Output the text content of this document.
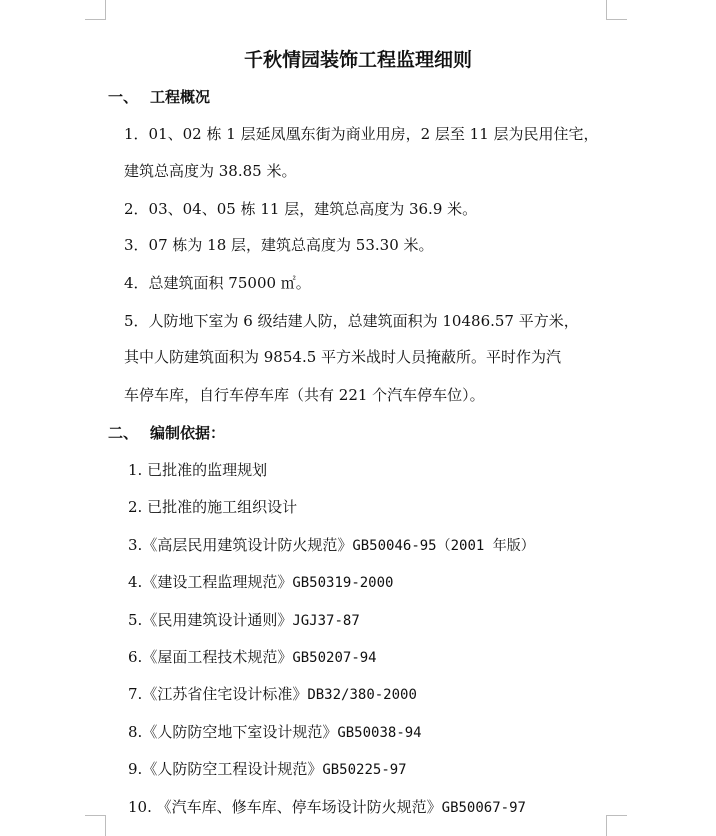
千秋情园装饰工程监理细则
一、 工程概况
1．01、02 栋 1 层延凤凰东街为商业用房，2 层至 11 层为民用住宅，
建筑总高度为 38.85 米。
2．03、04、05 栋 11 层，建筑总高度为 36.9 米。
3．07 栋为 18 层，建筑总高度为 53.30 米。
4．总建筑面积 75000 ㎡。
5．人防地下室为 6 级结建人防，总建筑面积为 10486.57 平方米，
其中人防建筑面积为 9854.5 平方米战时人员掩蔽所。平时作为汽
车停车库，自行车停车库（共有 221 个汽车停车位）。
二、 编制依据：
1. 已批准的监理规划
2. 已批准的施工组织设计
3.《高层民用建筑设计防火规范》GB50046-95（2001 年版）
4.《建设工程监理规范》GB50319-2000
5.《民用建筑设计通则》JGJ37-87
6.《屋面工程技术规范》GB50207-94
7.《江苏省住宅设计标准》DB32/380-2000
8.《人防防空地下室设计规范》GB50038-94
9.《人防防空工程设计规范》GB50225-97
10. 《汽车库、修车库、停车场设计防火规范》GB50067-97
